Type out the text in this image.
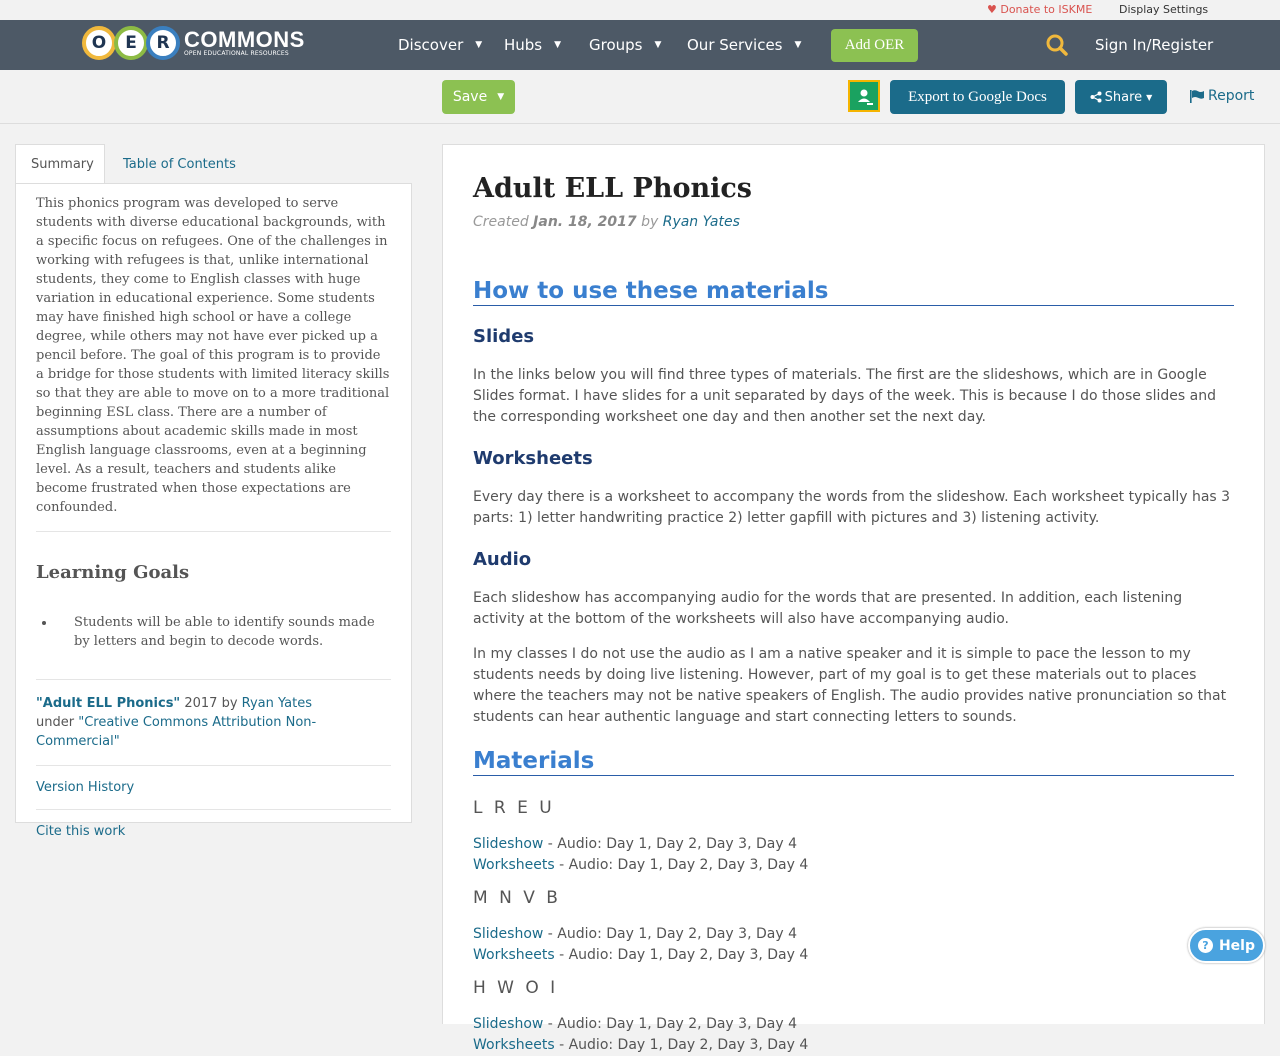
♥ Donate to ISKME Display Settings
O	E	R COMMONS
OPEN EDUCATIONAL RESOURCES	Discover ▼ Hubs ▼ Groups ▼ Our Services ▼	Add OER	Sign In/Register
Save ▼	Export to Google Docs	Share ▼	Report
Summary	Table of Contents

This phonics program was developed to serve students with diverse educational backgrounds, with a specific focus on refugees. One of the challenges in working with refugees is that, unlike international students, they come to English classes with huge variation in educational experience. Some students may have finished high school or have a college degree, while others may not have ever picked up a pencil before. The goal of this program is to provide a bridge for those students with limited literacy skills so that they are able to move on to a more traditional beginning ESL class. There are a number of assumptions about academic skills made in most English language classrooms, even at a beginning level. As a result, teachers and students alike become frustrated when those expectations are confounded.

Learning Goals
• Students will be able to identify sounds made by letters and begin to decode words.
"Adult ELL Phonics" 2017 by Ryan Yates
under "Creative Commons Attribution Non-Commercial"
Version History
Cite this work
Adult ELL Phonics
Created Jan. 18, 2017 by Ryan Yates
How to use these materials
Slides

In the links below you will find three types of materials. The first are the slideshows, which are in Google Slides format. I have slides for a unit separated by days of the week. This is because I do those slides and the corresponding worksheet one day and then another set the next day.

Worksheets

Every day there is a worksheet to accompany the words from the slideshow. Each worksheet typically has 3 parts: 1) letter handwriting practice 2) letter gapfill with pictures and 3) listening activity.

Audio

Each slideshow has accompanying audio for the words that are presented. In addition, each listening activity at the bottom of the worksheets will also have accompanying audio.

In my classes I do not use the audio as I am a native speaker and it is simple to pace the lesson to my students needs by doing live listening. However, part of my goal is to get these materials out to places where the teachers may not be native speakers of English. The audio provides native pronunciation so that students can hear authentic language and start connecting letters to sounds.

Materials
L R E U
Slideshow - Audio: Day 1, Day 2, Day 3, Day 4
Worksheets - Audio: Day 1, Day 2, Day 3, Day 4
M N V B
Slideshow - Audio: Day 1, Day 2, Day 3, Day 4
Worksheets - Audio: Day 1, Day 2, Day 3, Day 4
H W O I
Slideshow - Audio: Day 1, Day 2, Day 3, Day 4
Worksheets - Audio: Day 1, Day 2, Day 3, Day 4
? Help
